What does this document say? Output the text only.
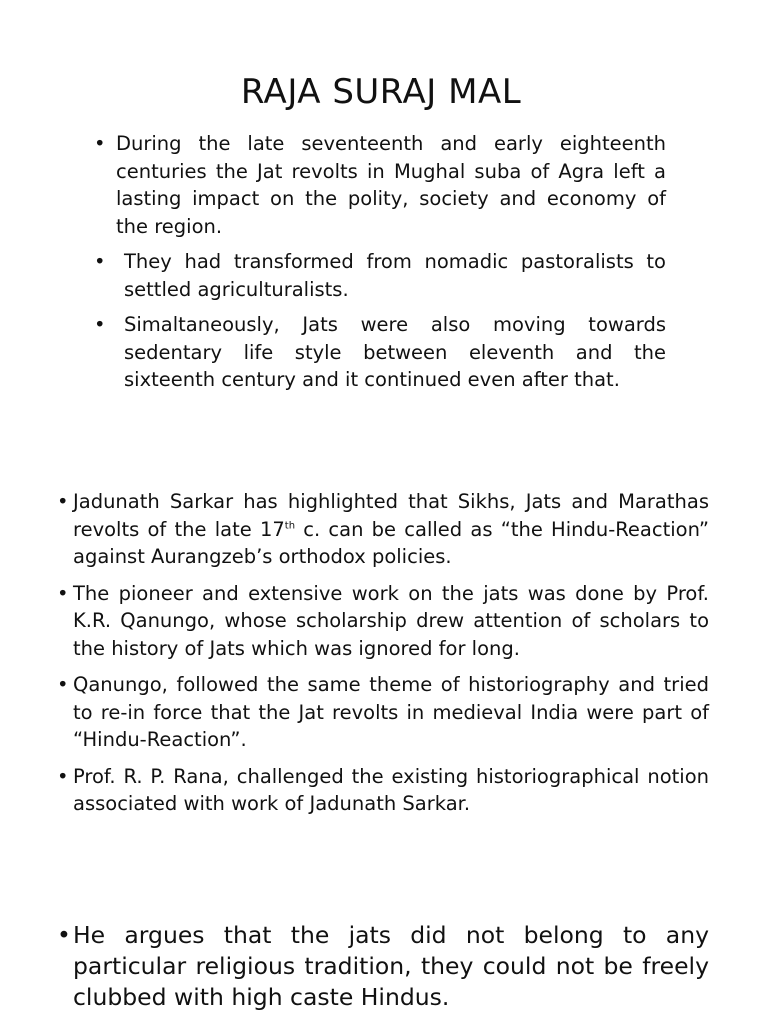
RAJA SURAJ MAL
• During the late seventeenth and early eighteenth centuries the Jat revolts in Mughal suba of Agra left a lasting impact on the polity, society and economy of the region.
• They had transformed from nomadic pastoralists to settled agriculturalists.
• Simaltaneously, Jats were also moving towards sedentary life style between eleventh and the sixteenth century and it continued even after that.
• Jadunath Sarkar has highlighted that Sikhs, Jats and Marathas revolts of the late 17th c. can be called as “the Hindu-Reaction” against Aurangzeb’s orthodox policies.
• The pioneer and extensive work on the jats was done by Prof. K.R. Qanungo, whose scholarship drew attention of scholars to the history of Jats which was ignored for long.
• Qanungo, followed the same theme of historiography and tried to re-in force that the Jat revolts in medieval India were part of “Hindu-Reaction”.
• Prof. R. P. Rana, challenged the existing historiographical notion associated with work of Jadunath Sarkar.
• He argues that the jats did not belong to any particular religious tradition, they could not be freely clubbed with high caste Hindus.
